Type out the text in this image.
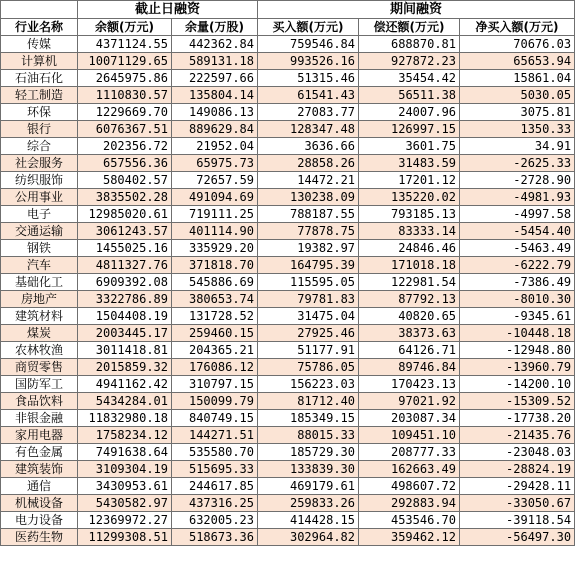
	截止日融资		期间融资		
行业名称	余额(万元)	余量(万股)	买入额(万元)	偿还额(万元)	净买入额(万元)
传媒	4371124.55	442362.84	759546.84	688870.81	70676.03
计算机	10071129.65	589131.18	993526.16	927872.23	65653.94
石油石化	2645975.86	222597.66	51315.46	35454.42	15861.04
轻工制造	1110830.57	135804.14	61541.43	56511.38	5030.05
环保	1229669.70	149086.13	27083.77	24007.96	3075.81
银行	6076367.51	889629.84	128347.48	126997.15	1350.33
综合	202356.72	21952.04	3636.66	3601.75	34.91
社会服务	657556.36	65975.73	28858.26	31483.59	-2625.33
纺织服饰	580402.57	72657.59	14472.21	17201.12	-2728.90
公用事业	3835502.28	491094.69	130238.09	135220.02	-4981.93
电子	12985020.61	719111.25	788187.55	793185.13	-4997.58
交通运输	3061243.57	401114.90	77878.75	83333.14	-5454.40
钢铁	1455025.16	335929.20	19382.97	24846.46	-5463.49
汽车	4811327.76	371818.70	164795.39	171018.18	-6222.79
基础化工	6909392.08	545886.69	115595.05	122981.54	-7386.49
房地产	3322786.89	380653.74	79781.83	87792.13	-8010.30
建筑材料	1504408.19	131728.52	31475.04	40820.65	-9345.61
煤炭	2003445.17	259460.15	27925.46	38373.63	-10448.18
农林牧渔	3011418.81	204365.21	51177.91	64126.71	-12948.80
商贸零售	2015859.32	176086.12	75786.05	89746.84	-13960.79
国防军工	4941162.42	310797.15	156223.03	170423.13	-14200.10
食品饮料	5434284.01	150099.79	81712.40	97021.92	-15309.52
非银金融	11832980.18	840749.15	185349.15	203087.34	-17738.20
家用电器	1758234.12	144271.51	88015.33	109451.10	-21435.76
有色金属	7491638.64	535580.70	185729.30	208777.33	-23048.03
建筑装饰	3109304.19	515695.33	133839.30	162663.49	-28824.19
通信	3430953.61	244617.85	469179.61	498607.72	-29428.11
机械设备	5430582.97	437316.25	259833.26	292883.94	-33050.67
电力设备	12369972.27	632005.23	414428.15	453546.70	-39118.54
医药生物	11299308.51	518673.36	302964.82	359462.12	-56497.30
